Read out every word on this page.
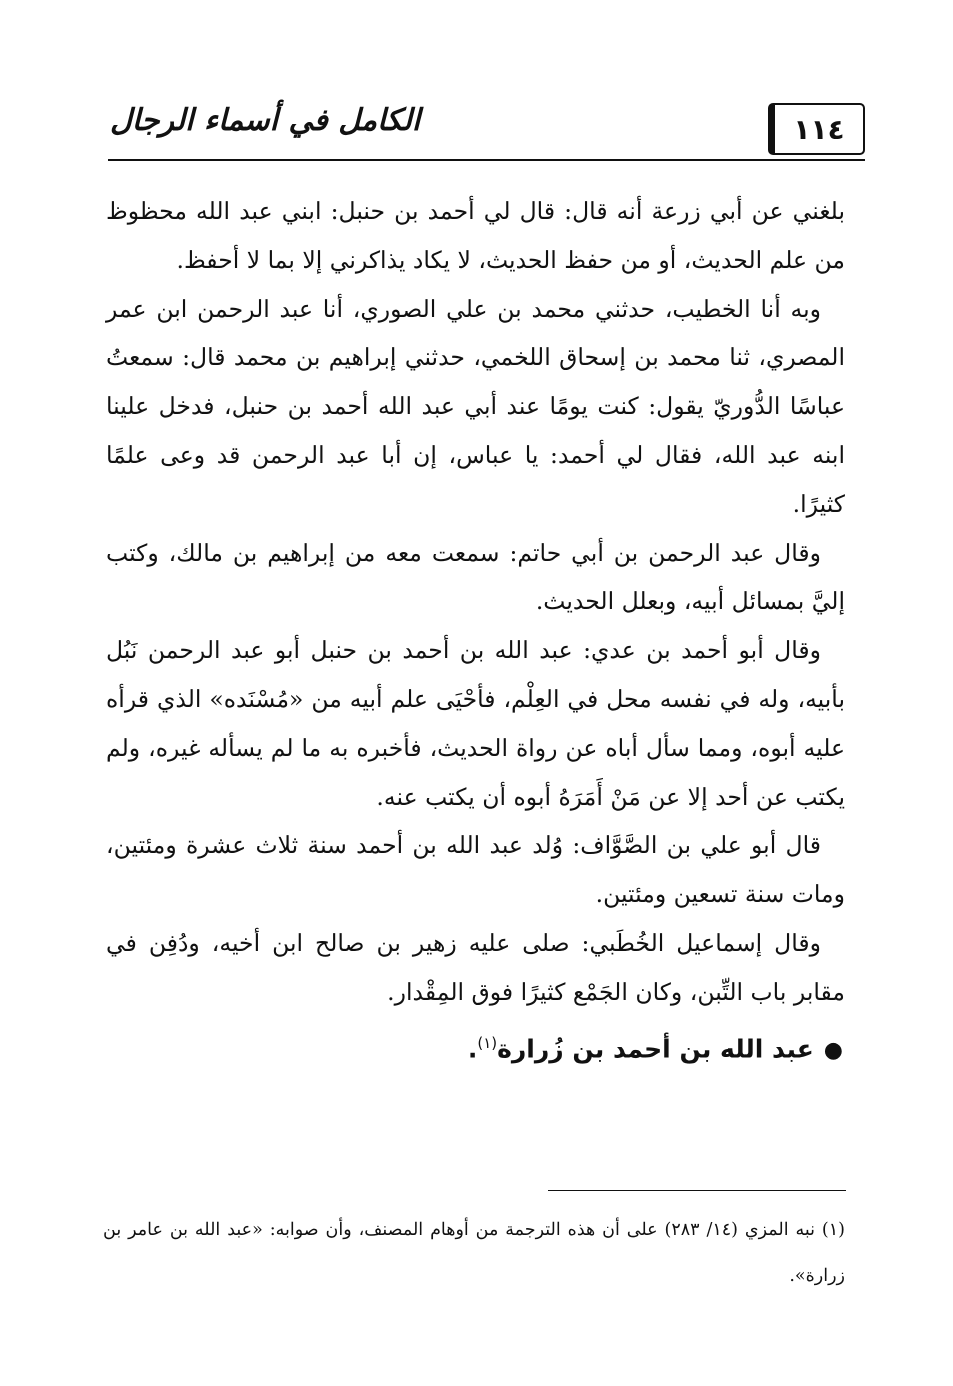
الكامل في أسماء الرجال	١١٤

بلغني عن أبي زرعة أنه قال: قال لي أحمد بن حنبل: ابني عبد الله محظوظ من علم الحديث، أو من حفظ الحديث، لا يكاد يذاكرني إلا بما لا أحفظ.

وبه أنا الخطيب، حدثني محمد بن علي الصوري، أنا عبد الرحمن ابن عمر المصري، ثنا محمد بن إسحاق اللخمي، حدثني إبراهيم بن محمد قال: سمعتُ عباسًا الدُّوريّ يقول: كنت يومًا عند أبي عبد الله أحمد بن حنبل، فدخل علينا ابنه عبد الله، فقال لي أحمد: يا عباس، إن أبا عبد الرحمن قد وعى علمًا كثيرًا.

وقال عبد الرحمن بن أبي حاتم: سمعت معه من إبراهيم بن مالك، وكتب إليَّ بمسائل أبيه، وبعلل الحديث.

وقال أبو أحمد بن عدي: عبد الله بن أحمد بن حنبل أبو عبد الرحمن نَبُل بأبيه، وله في نفسه محل في العِلْم، فأحْيَى علم أبيه من «مُسْنَده» الذي قرأه عليه أبوه، ومما سأل أباه عن رواة الحديث، فأخبره به ما لم يسأله غيره، ولم يكتب عن أحد إلا عن مَنْ أَمَرَهُ أبوه أن يكتب عنه.

قال أبو علي بن الصَّوَّاف: وُلد عبد الله بن أحمد سنة ثلاث عشرة ومئتين، ومات سنة تسعين ومئتين.

وقال إسماعيل الخُطَبي: صلى عليه زهير بن صالح ابن أخيه، ودُفِن في مقابر باب التِّبن، وكان الجَمْع كثيرًا فوق المِقْدار.

●عبد الله بن أحمد بن زُرارة$^{(١)}$.

(١) نبه المزي (١٤/ ٢٨٣) على أن هذه الترجمة من أوهام المصنف، وأن صوابه: «عبد الله بن عامر بن زرارة».
